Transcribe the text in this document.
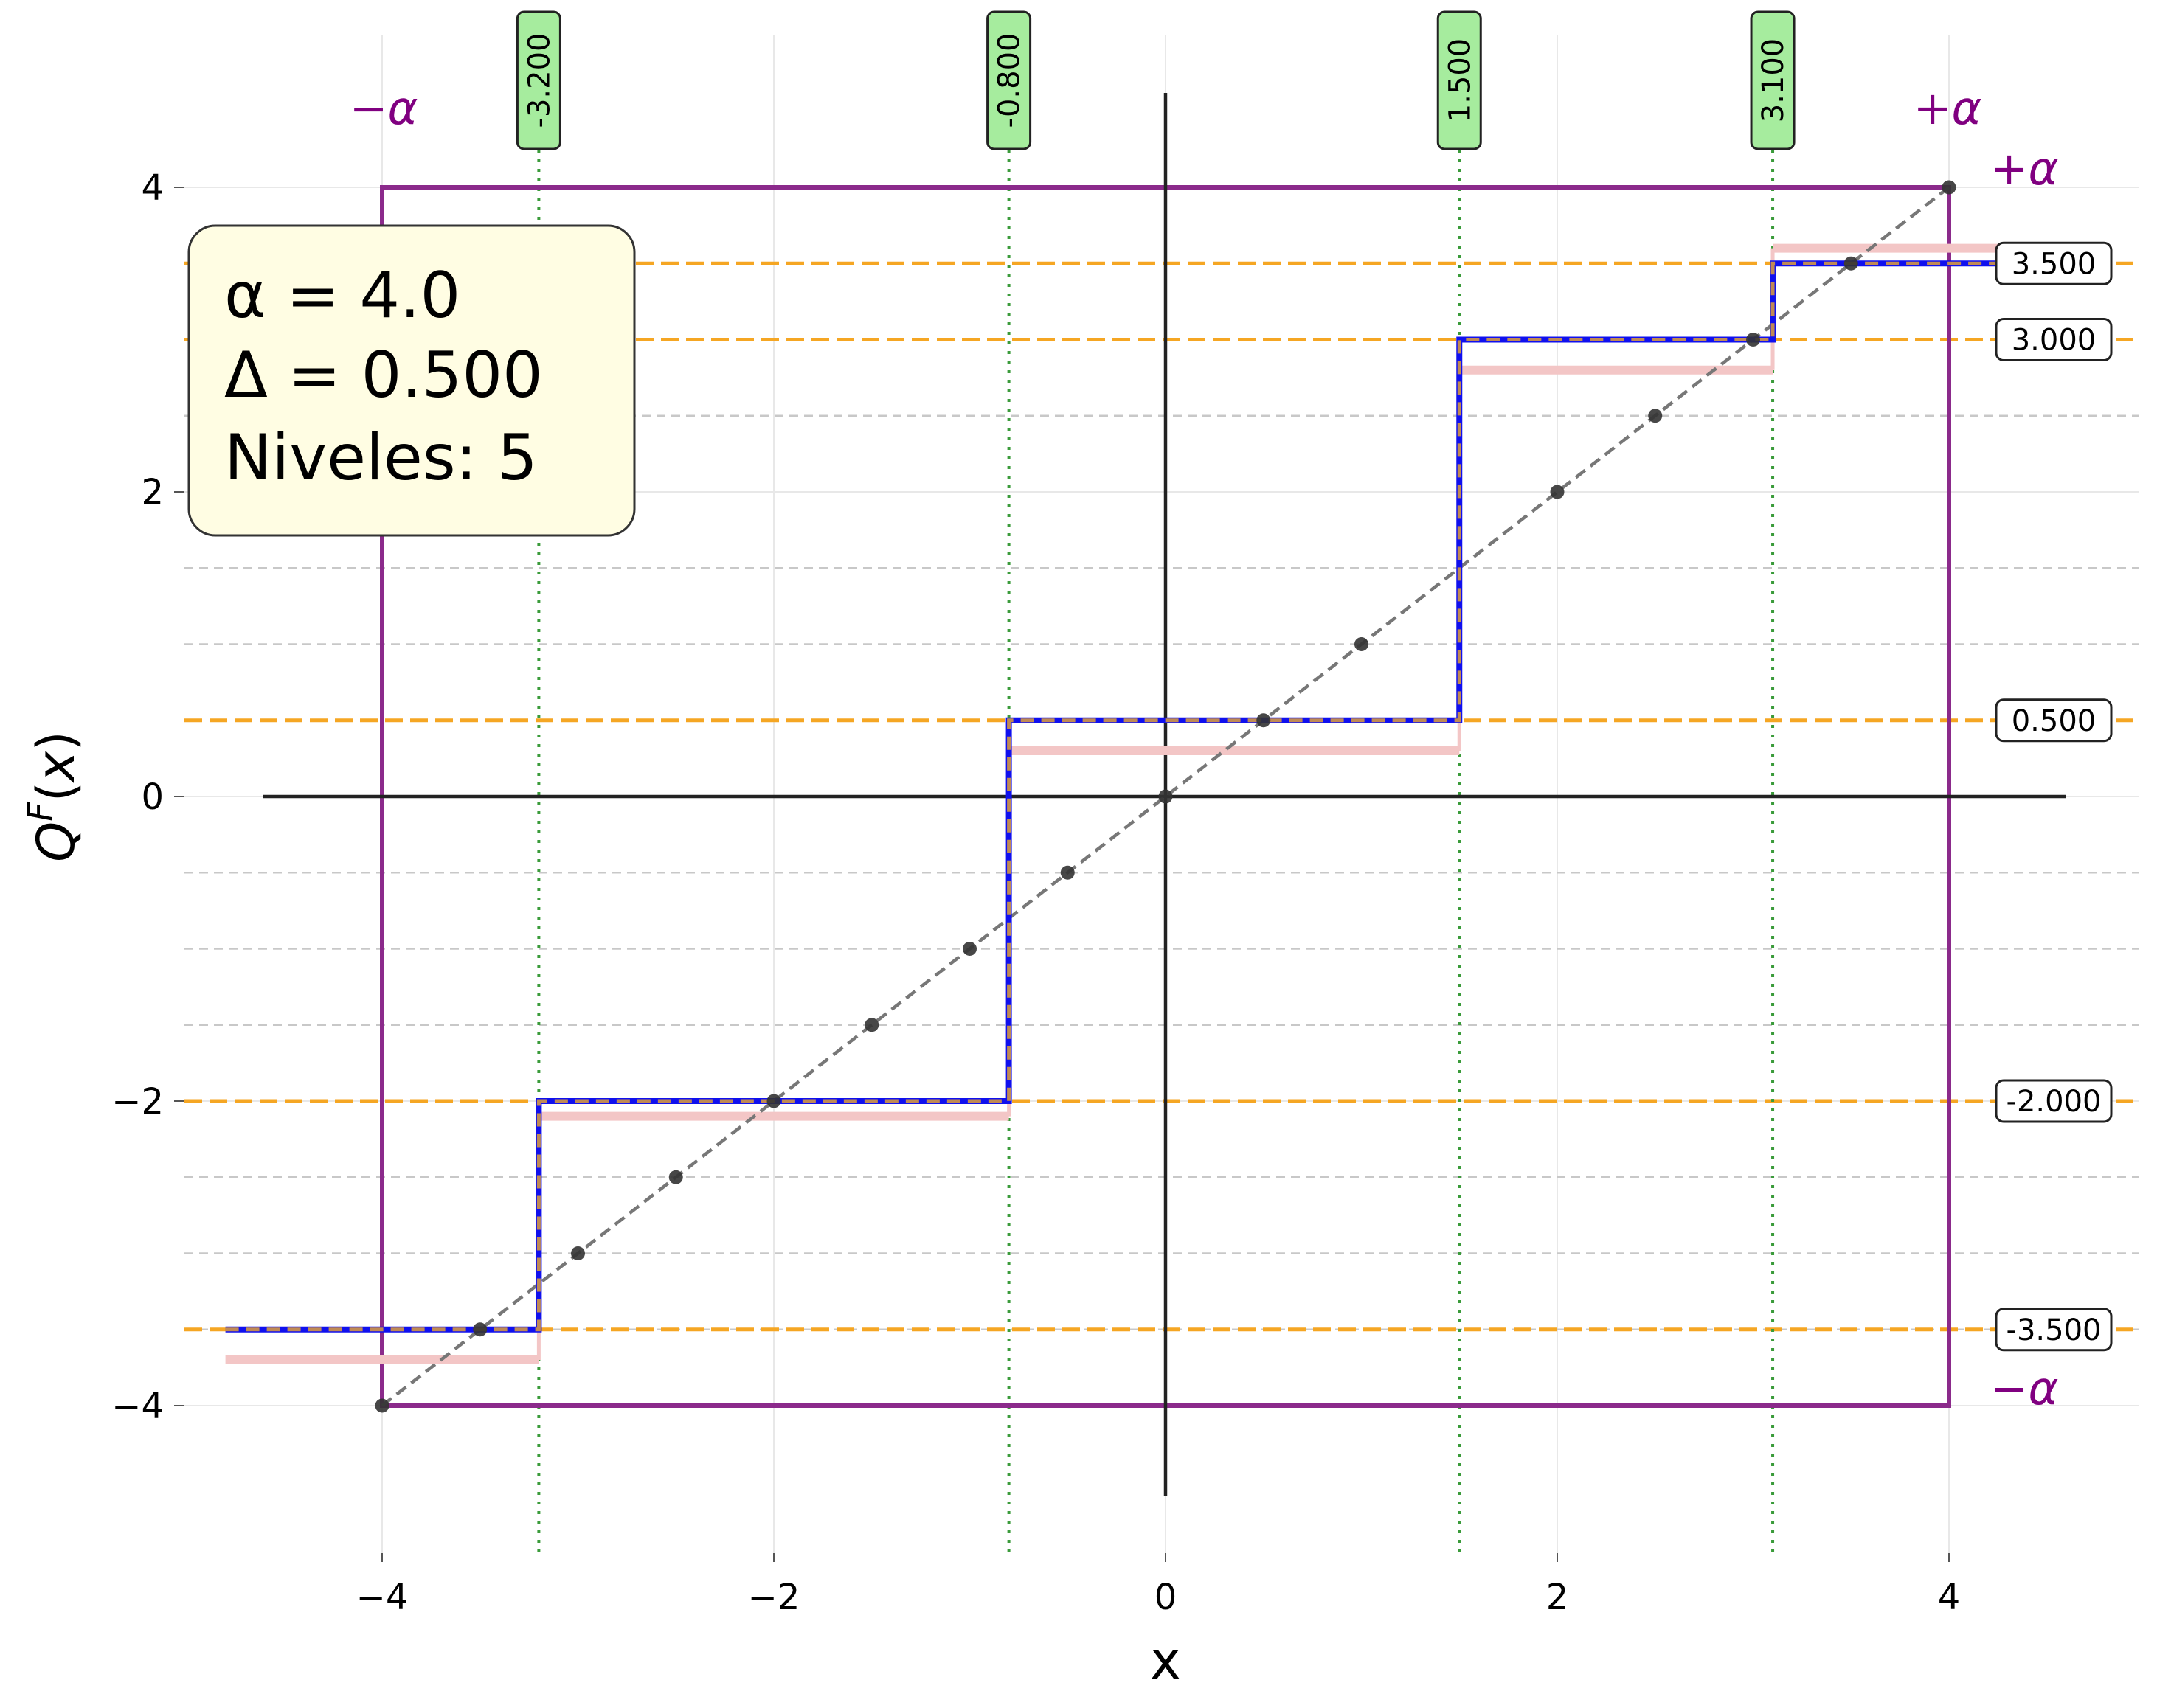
−4	−2	0	2	4
−4
−2
0
2
4
-3.500
-2.000
0.500
3.000
3.500
-3.200	-0.800	1.500	3.100
−α	+α
+α
−α
α = 4.0
Δ = 0.500
Niveles: 5
x
$Q^F(x)$
